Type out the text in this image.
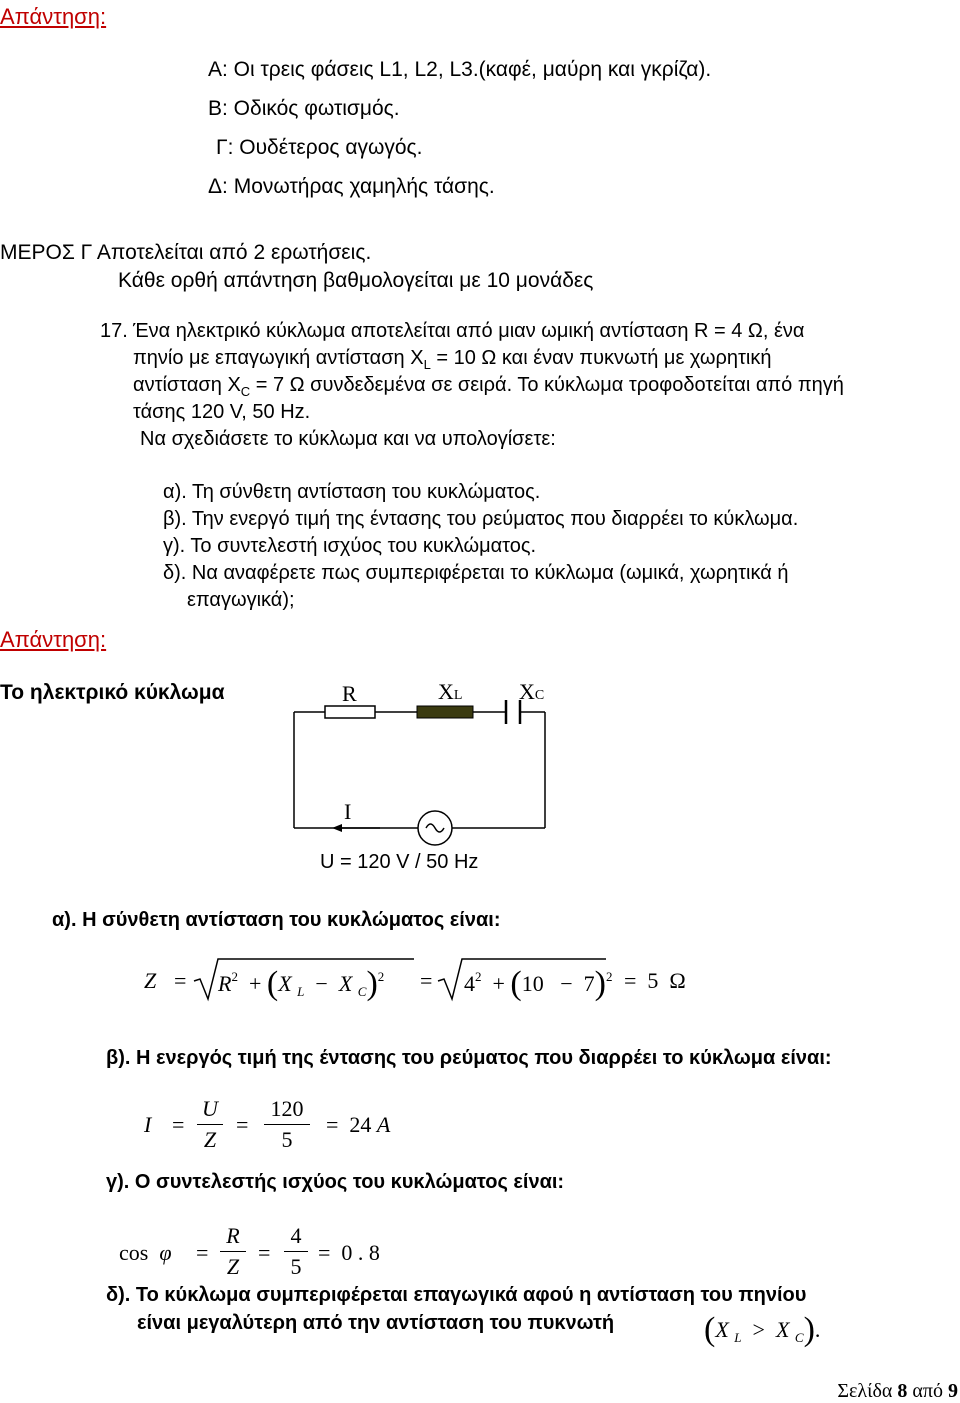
Απάντηση:
Α: Οι τρεις φάσεις L1, L2, L3.(καφέ, μαύρη και γκρίζα).
Β: Οδικός φωτισμός.
Γ: Ουδέτερος αγωγός.
Δ: Μονωτήρας χαμηλής τάσης.
ΜΕΡΟΣ Γ Αποτελείται από 2 ερωτήσεις.
Κάθε ορθή απάντηση βαθμολογείται με 10 μονάδες
17. Ένα ηλεκτρικό κύκλωμα αποτελείται από μιαν ωμική αντίσταση R = 4 Ω, ένα
πηνίο με επαγωγική αντίσταση $X_L = 10$ Ω και έναν πυκνωτή με χωρητική
αντίσταση $X_C = 7$ Ω συνδεδεμένα σε σειρά. Το κύκλωμα τροφοδοτείται από πηγή
τάσης 120 V, 50 Hz.
Να σχεδιάσετε το κύκλωμα και να υπολογίσετε:
α). Τη σύνθετη αντίσταση του κυκλώματος.
β). Την ενεργό τιμή της έντασης του ρεύματος που διαρρέει το κύκλωμα.
γ). Το συντελεστή ισχύος του κυκλώματος.
δ). Να αναφέρετε πως συμπεριφέρεται το κύκλωμα (ωμικά, χωρητικά ή
επαγωγικά);
Απάντηση:
Το ηλεκτρικό κύκλωμα	R	XL	XC
I
U = 120 V / 50 Hz
α). Η σύνθετη αντίσταση του κυκλώματος είναι:
$Z = R^2 + (X$ $_L$ − X $_C)^2 = 4^2 + (10 - 7)^2 = 5$ Ω
β). Η ενεργός τιμή της έντασης του ρεύματος που διαρρέει το κύκλωμα είναι:
I =
U
Z
=
120
5
= 24 A
γ). Ο συντελεστής ισχύος του κυκλώματος είναι:
cos φ =
R
Z
=
4
5
= 0 . 8
δ). Το κύκλωμα συμπεριφέρεται επαγωγικά αφού η αντίσταση του πηνίου
είναι μεγαλύτερη από την αντίσταση του πυκνωτή	(X $_L$ > X $_C$).
Σελίδα 8 από 9
